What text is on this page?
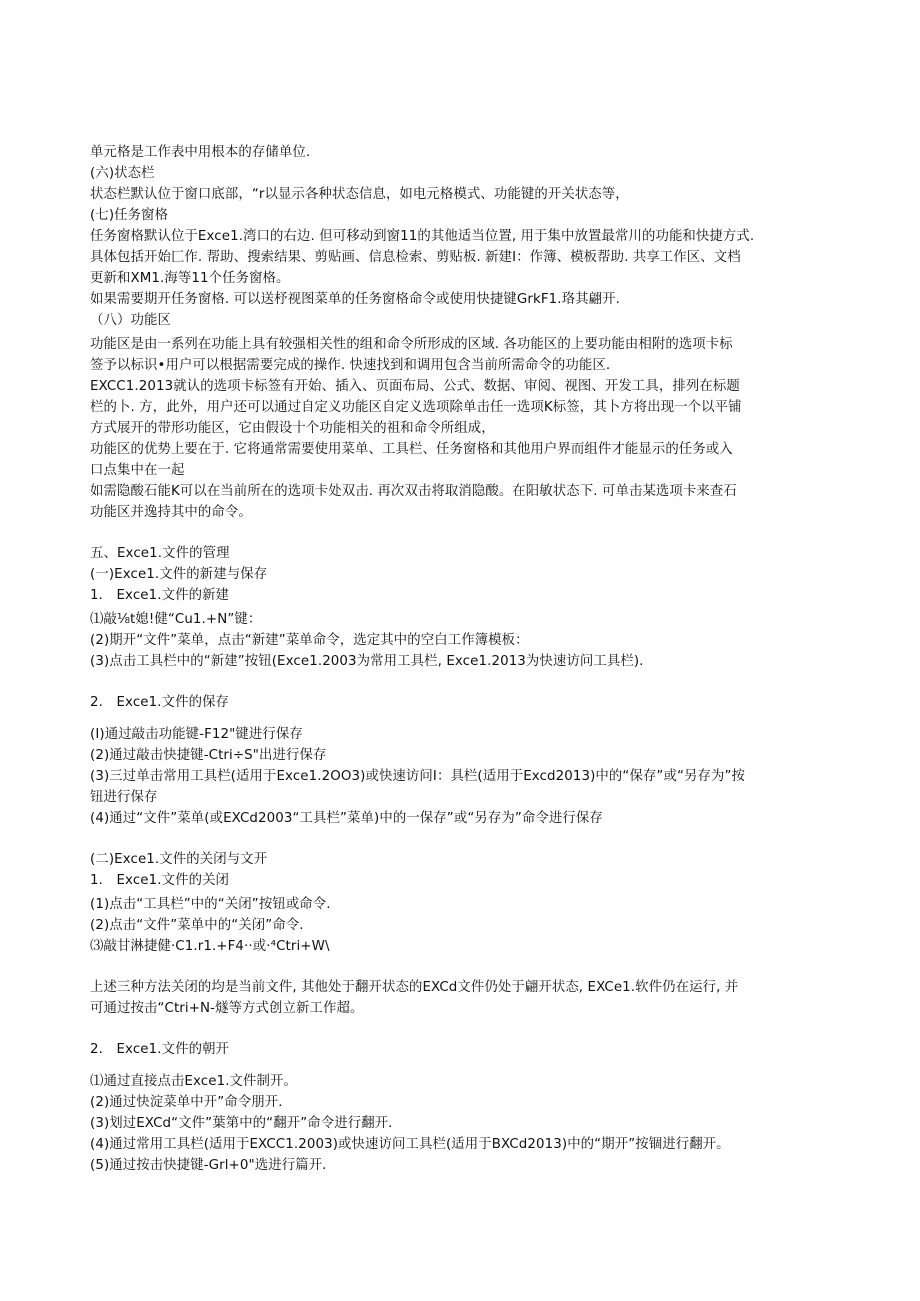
单元格是工作表中用根本的存储单位.
(六)状态栏
状态栏默认位于窗口底部，“r以显示各种状态信息，如电元格模式、功能键的开关状态等，
(七)任务窗格
任务窗格默认位于Exce1.湾口的右边. 但可移动到窗11的其他适当位置, 用于集中放置最常川的功能和快捷方式.
具体包括开始匚作. 帮助、搜索结果、剪贴画、信息检索、剪贴板. 新建I：作簿、模板帮助. 共享工作区、文档
更新和XM1.海等11个任务窗格。
如果需要期开任务窗格. 可以送杼视图菜单的任务窗格命令或使用快捷键GrkF1.珞其翩开.
（八）功能区
功能区是由一系列在功能上具有较强相关性的组和命令所形成的区域. 各功能区的上要功能由相附的选项卡标
签予以标识•用户可以根据需要完成的操作. 快速找到和调用包含当前所需命令的功能区.
EXCC1.2013就认的选项卡标签有开始、插入、页面布局、公式、数据、审阅、视图、开发工具，排列在标题
栏的卜. 方，此外，用户还可以通过自定义功能区自定义选项除单击任一选项K标签，其卜方将出现一个以平铺
方式展开的带形功能区，它由假设十个功能相关的祖和命令所组成，
功能区的优势上要在于. 它将通常需要使用菜单、工具栏、任务窗格和其他用户界而组件才能显示的任务或入
口点集中在一起
如需隐酸石能K可以在当前所在的选项卡处双击. 再次双击将取消隐酸。在阳敏状态下. 可单击某选项卡来查石
功能区并逸持其中的命令。
五、Exce1.文件的管理
(一)Exce1.文件的新建与保存
1.　Exce1.文件的新建
⑴敲⅛t媳!健“Cu1.+N”键：
(2)期开“文件”菜单，点击“新建”菜单命令，选定其中的空白工作簿模板：
(3)点击工具栏中的“新建”按钮(Exce1.2003为常用工具栏, Exce1.2013为快速访问工具栏).
2.　Exce1.文件的保存
(I)通过敲击功能键-F12"键进行保存
(2)通过敲击快捷键-Ctri÷S"出进行保存
(3)三过单击常用工具栏(适用于Exce1.2OO3)或快速访问I：具栏(适用于Excd2013)中的“保存”或“另存为”按
钮进行保存
(4)通过“文件”菜单(或EXCd2003“工具栏”菜单)中的一保存”或“另存为”命令进行保存
(二)Exce1.文件的关闭与文开
1.　Exce1.文件的关闭
(1)点击“工具栏”中的“关闭”按钮或命令.
(2)点击“文件”菜单中的“关闭”命令.
⑶敲甘淋捷健·C1.r1.+F4··或·⁴Ctri+W\
上述三种方法关闭的均是当前文件, 其他处于翻开状态的EXCd文件仍处于翩开状态, EXCe1.软件仍在运行, 并
可通过按击“Ctri+N-燧等方式创立新工作超。
2.　Exce1.文件的朝开
⑴通过直接点击Exce1.文件制开。
(2)通过快淀菜单中开”命令朋开.
(3)划过EXCd“文件”葉第中的“翻开”命令进行翻开.
(4)通过常用工具栏(适用于EXCC1.2003)或快速访问工具栏(适用于BXCd2013)中的“期开”按锢进行翻开。
(5)通过按击快捷键-Grl+0"选进行篇开.
